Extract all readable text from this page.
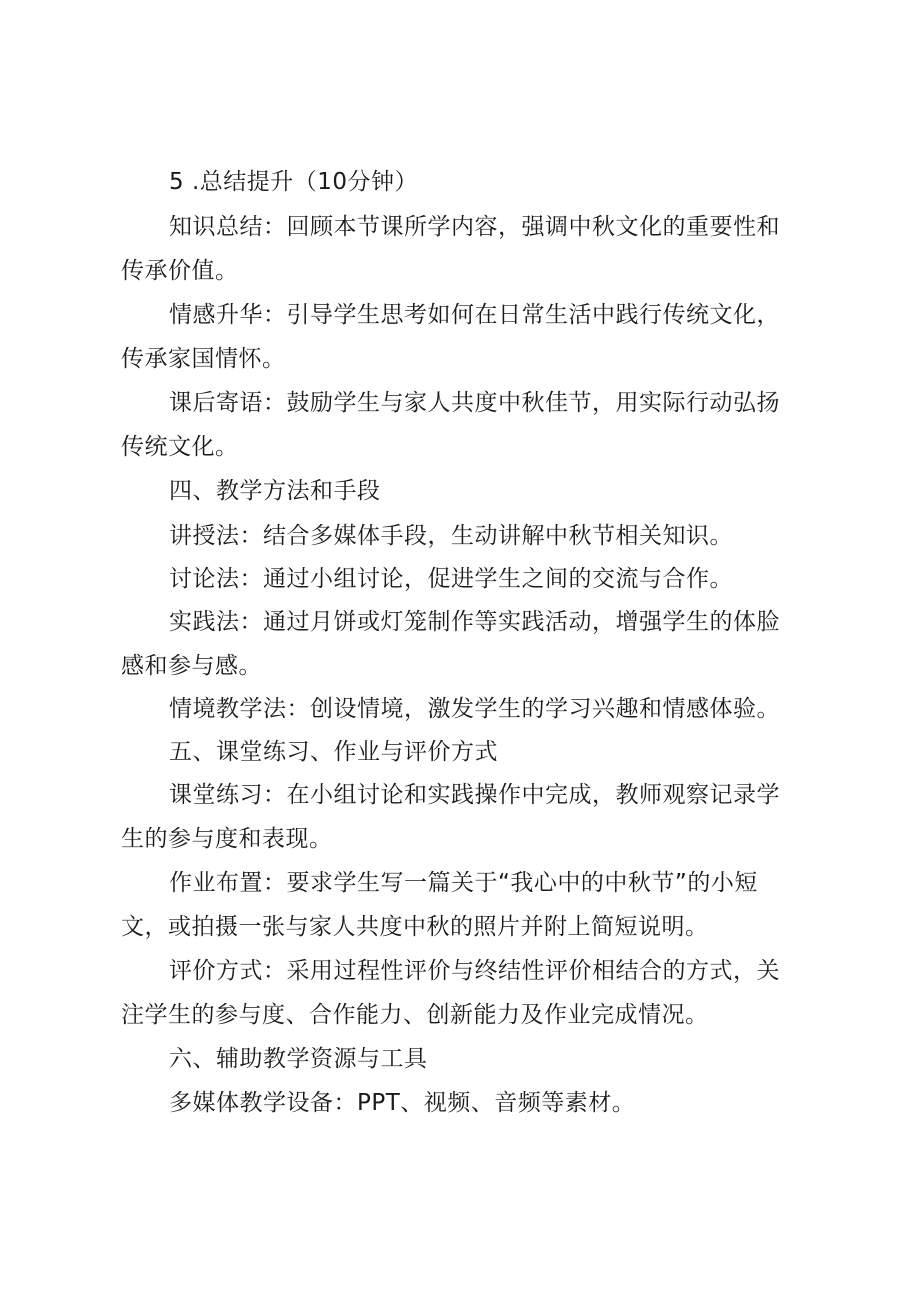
5 .总结提升（10分钟）
知识总结：回顾本节课所学内容，强调中秋文化的重要性和传承价值。
情感升华：引导学生思考如何在日常生活中践行传统文化，传承家国情怀。
课后寄语：鼓励学生与家人共度中秋佳节，用实际行动弘扬传统文化。
四、教学方法和手段
讲授法：结合多媒体手段，生动讲解中秋节相关知识。
讨论法：通过小组讨论，促进学生之间的交流与合作。
实践法：通过月饼或灯笼制作等实践活动，增强学生的体脸感和参与感。
情境教学法：创设情境，激发学生的学习兴趣和情感体验。
五、课堂练习、作业与评价方式
课堂练习：在小组讨论和实践操作中完成，教师观察记录学生的参与度和表现。
作业布置：要求学生写一篇关于“我心中的中秋节”的小短文，或拍摄一张与家人共度中秋的照片并附上简短说明。
评价方式：采用过程性评价与终结性评价相结合的方式，关注学生的参与度、合作能力、创新能力及作业完成情况。
六、辅助教学资源与工具
多媒体教学设备：PPT、视频、音频等素材。
